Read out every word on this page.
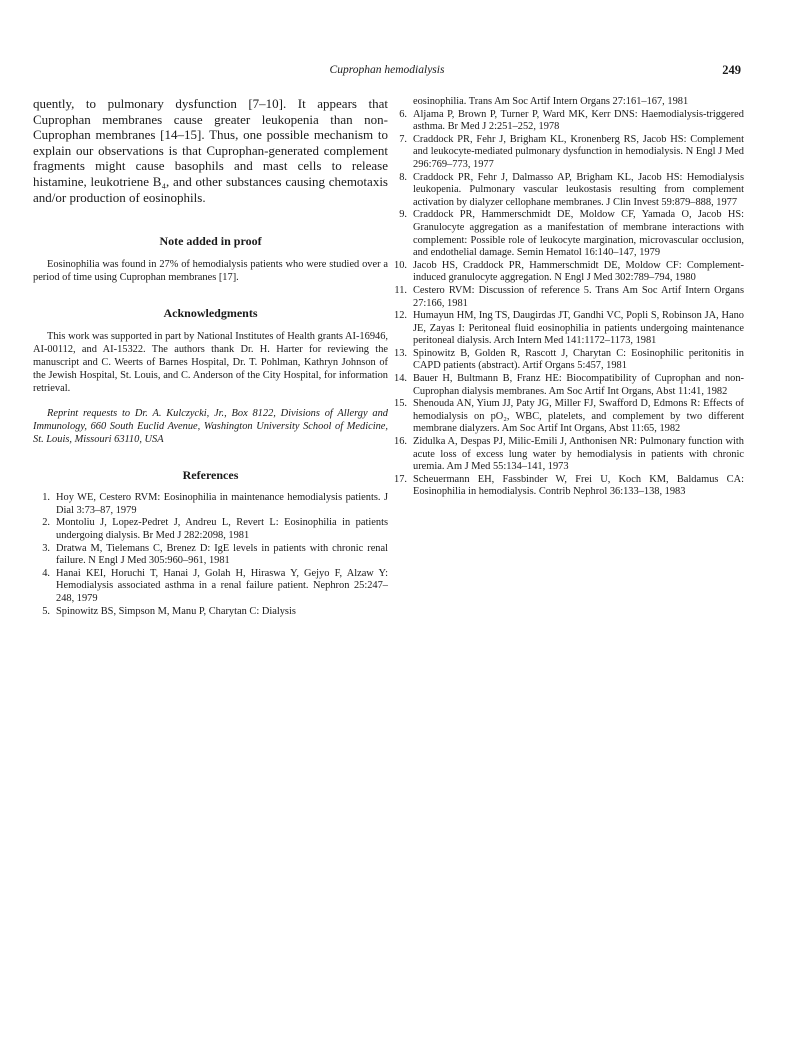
Cuprophan hemodialysis	249

quently, to pulmonary dysfunction [7–10]. It appears that Cuprophan membranes cause greater leukopenia than non-Cuprophan membranes [14–15]. Thus, one possible mechanism to explain our observations is that Cuprophan-generated complement fragments might cause basophils and mast cells to release histamine, leukotriene B₄, and other substances causing chemotaxis and/or production of eosinophils.

Note added in proof

Eosinophilia was found in 27% of hemodialysis patients who were studied over a period of time using Cuprophan membranes [17].

Acknowledgments

This work was supported in part by National Institutes of Health grants AI-16946, AI-00112, and AI-15322. The authors thank Dr. H. Harter for reviewing the manuscript and C. Weerts of Barnes Hospital, Dr. T. Pohlman, Kathryn Johnson of the Jewish Hospital, St. Louis, and C. Anderson of the City Hospital, for information retrieval.

Reprint requests to Dr. A. Kulczycki, Jr., Box 8122, Divisions of Allergy and Immunology, 660 South Euclid Avenue, Washington University School of Medicine, St. Louis, Missouri 63110, USA

References
1. Hoy WE, Cestero RVM: Eosinophilia in maintenance hemodialysis patients. J Dial 3:73–87, 1979
2. Montoliu J, Lopez-Pedret J, Andreu L, Revert L: Eosinophilia in patients undergoing dialysis. Br Med J 282:2098, 1981
3. Dratwa M, Tielemans C, Brenez D: IgE levels in patients with chronic renal failure. N Engl J Med 305:960–961, 1981
4. Hanai KEI, Horuchi T, Hanai J, Golah H, Hiraswa Y, Gejyo F, Alzaw Y: Hemodialysis associated asthma in a renal failure patient. Nephron 25:247–248, 1979
5. Spinowitz BS, Simpson M, Manu P, Charytan C: Dialysis
eosinophilia. Trans Am Soc Artif Intern Organs 27:161–167, 1981
6. Aljama P, Brown P, Turner P, Ward MK, Kerr DNS: Haemodialysis-triggered asthma. Br Med J 2:251–252, 1978
7. Craddock PR, Fehr J, Brigham KL, Kronenberg RS, Jacob HS: Complement and leukocyte-mediated pulmonary dysfunction in hemodialysis. N Engl J Med 296:769–773, 1977
8. Craddock PR, Fehr J, Dalmasso AP, Brigham KL, Jacob HS: Hemodialysis leukopenia. Pulmonary vascular leukostasis resulting from complement activation by dialyzer cellophane membranes. J Clin Invest 59:879–888, 1977
9. Craddock PR, Hammerschmidt DE, Moldow CF, Yamada O, Jacob HS: Granulocyte aggregation as a manifestation of membrane interactions with complement: Possible role of leukocyte margination, microvascular occlusion, and endothelial damage. Semin Hematol 16:140–147, 1979
10. Jacob HS, Craddock PR, Hammerschmidt DE, Moldow CF: Complement-induced granulocyte aggregation. N Engl J Med 302:789–794, 1980
11. Cestero RVM: Discussion of reference 5. Trans Am Soc Artif Intern Organs 27:166, 1981
12. Humayun HM, Ing TS, Daugirdas JT, Gandhi VC, Popli S, Robinson JA, Hano JE, Zayas I: Peritoneal fluid eosinophilia in patients undergoing maintenance peritoneal dialysis. Arch Intern Med 141:1172–1173, 1981
13. Spinowitz B, Golden R, Rascott J, Charytan C: Eosinophilic peritonitis in CAPD patients (abstract). Artif Organs 5:457, 1981
14. Bauer H, Bultmann B, Franz HE: Biocompatibility of Cuprophan and non-Cuprophan dialysis membranes. Am Soc Artif Int Organs, Abst 11:41, 1982
15. Shenouda AN, Yium JJ, Paty JG, Miller FJ, Swafford D, Edmons R: Effects of hemodialysis on pO₂, WBC, platelets, and complement by two different membrane dialyzers. Am Soc Artif Int Organs, Abst 11:65, 1982
16. Zidulka A, Despas PJ, Milic-Emili J, Anthonisen NR: Pulmonary function with acute loss of excess lung water by hemodialysis in patients with chronic uremia. Am J Med 55:134–141, 1973
17. Scheuermann EH, Fassbinder W, Frei U, Koch KM, Baldamus CA: Eosinophilia in hemodialysis. Contrib Nephrol 36:133–138, 1983
